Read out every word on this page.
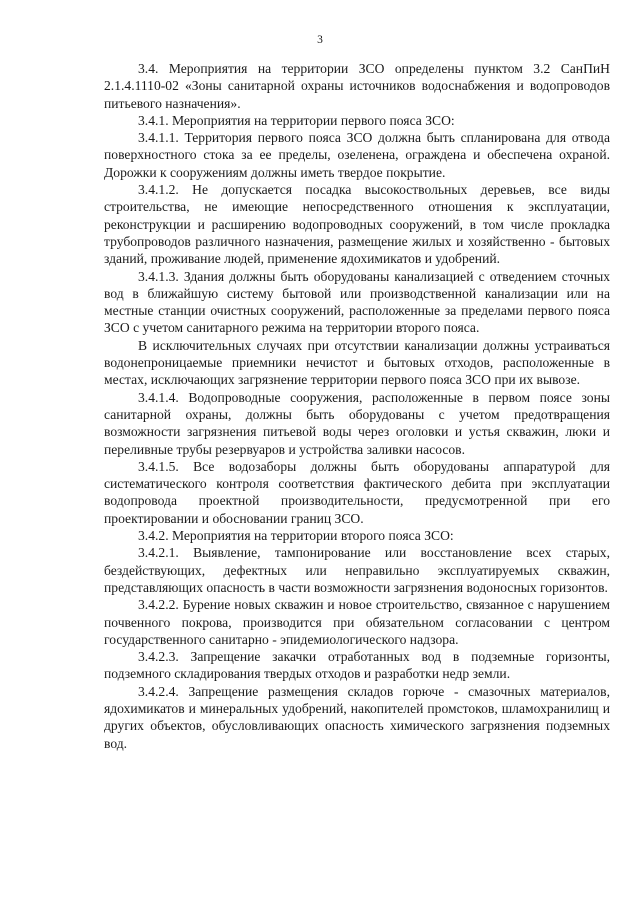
3

3.4. Мероприятия на территории ЗСО определены пунктом 3.2 СанПиН 2.1.4.1110-02 «Зоны санитарной охраны источников водоснабжения и водопроводов питьевого назначения».

3.4.1. Мероприятия на территории первого пояса ЗСО:

3.4.1.1. Территория первого пояса ЗСО должна быть спланирована для отвода поверхностного стока за ее пределы, озеленена, ограждена и обеспечена охраной. Дорожки к сооружениям должны иметь твердое покрытие.

3.4.1.2. Не допускается посадка высокоствольных деревьев, все виды строительства, не имеющие непосредственного отношения к эксплуатации, реконструкции и расширению водопроводных сооружений, в том числе прокладка трубопроводов различного назначения, размещение жилых и хозяйственно - бытовых зданий, проживание людей, применение ядохимикатов и удобрений.

3.4.1.3. Здания должны быть оборудованы канализацией с отведением сточных вод в ближайшую систему бытовой или производственной канализации или на местные станции очистных сооружений, расположенные за пределами первого пояса ЗСО с учетом санитарного режима на территории второго пояса.

В исключительных случаях при отсутствии канализации должны устраиваться водонепроницаемые приемники нечистот и бытовых отходов, расположенные в местах, исключающих загрязнение территории первого пояса ЗСО при их вывозе.

3.4.1.4. Водопроводные сооружения, расположенные в первом поясе зоны санитарной охраны, должны быть оборудованы с учетом предотвращения возможности загрязнения питьевой воды через оголовки и устья скважин, люки и переливные трубы резервуаров и устройства заливки насосов.

3.4.1.5. Все водозаборы должны быть оборудованы аппаратурой для систематического контроля соответствия фактического дебита при эксплуатации водопровода проектной производительности, предусмотренной при его проектировании и обосновании границ ЗСО.

3.4.2. Мероприятия на территории второго пояса ЗСО:

3.4.2.1. Выявление, тампонирование или восстановление всех старых, бездействующих, дефектных или неправильно эксплуатируемых скважин, представляющих опасность в части возможности загрязнения водоносных горизонтов.

3.4.2.2. Бурение новых скважин и новое строительство, связанное с нарушением почвенного покрова, производится при обязательном согласовании с центром государственного санитарно - эпидемиологического надзора.

3.4.2.3. Запрещение закачки отработанных вод в подземные горизонты, подземного складирования твердых отходов и разработки недр земли.

3.4.2.4. Запрещение размещения складов горюче - смазочных материалов, ядохимикатов и минеральных удобрений, накопителей промстоков, шламохранилищ и других объектов, обусловливающих опасность химического загрязнения подземных вод.
